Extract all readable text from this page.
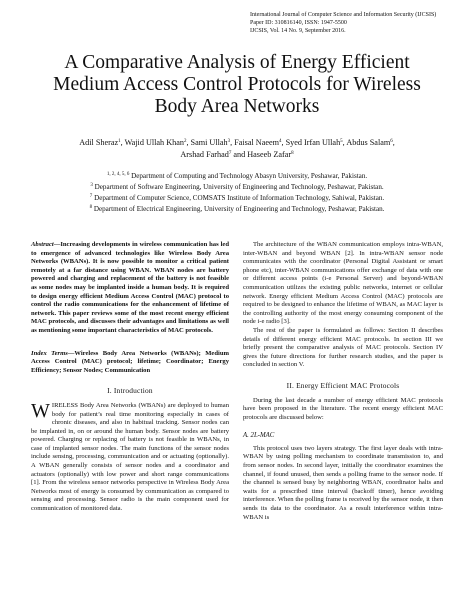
International Journal of Computer Science and Information Security (IJCSIS)
Paper ID: 310816140, ISSN: 1947-5500
IJCSIS, Vol. 14 No. 9, September 2016.
A Comparative Analysis of Energy Efficient Medium Access Control Protocols for Wireless Body Area Networks
Adil Sheraz$^1$, Wajid Ullah Khan$^2$, Sami Ullah$^3$, Faisal Naeem$^4$, Syed Irfan Ullah$^5$, Abdus Salam$^6$,
Arshad Farhad$^7$ and Haseeb Zafar$^8$
$^{1, 2, 4, 5, 6}$ Department of Computing and Technology Abasyn University, Peshawar, Pakistan.
$^3$ Department of Software Engineering, University of Engineering and Technology, Peshawar, Pakistan.
$^7$ Department of Computer Science, COMSATS Institute of Information Technology, Sahiwal, Pakistan.
$^8$ Department of Electrical Engineering, University of Engineering and Technology, Peshawar, Pakistan.

Abstract—Increasing developments in wireless communication has led to emergence of advanced technologies like Wireless Body Area Networks (WBANs). It is now possible to monitor a critical patient remotely at a far distance using WBAN. WBAN nodes are battery powered and charging and replacement of the battery is not feasible as some nodes may be implanted inside a human body. It is required to design energy efficient Medium Access Control (MAC) protocol to control the radio communications for the enhancement of lifetime of network. This paper reviews some of the most recent energy efficient MAC protocols, and discusses their advantages and limitations as well as mentioning some important characteristics of MAC protocols.

Index Terms—Wireless Body Area Networks (WBANs); Medium Access Control (MAC) protocol; lifetime; Coordinator; Energy Efficiency; Sensor Nodes; Communication

I. Introduction

WIRELESS Body Area Networks (WBANs) are deployed to human body for patient’s real time monitoring especially in cases of chronic diseases, and also in habitual tracking. Sensor nodes can be implanted in, on or around the human body. Sensor nodes are battery powered. Charging or replacing of battery is not feasible in WBANs, in case of implanted sensor nodes. The main functions of the sensor nodes include sensing, processing, communication and or actuating (optionally). A WBAN generally consists of sensor nodes and a coordinator and actuators (optionally) with low power and short range communications [1]. From the wireless sensor networks perspective in Wireless Body Area Networks most of energy is consumed by communication as compared to sensing and processing. Sensor radio is the main component used for communication of monitored data.

The architecture of the WBAN communication employs intra-WBAN, inter-WBAN and beyond WBAN [2]. In intra-WBAN sensor node communicates with the coordinator (Personal Digital Assistant or smart phone etc), inter-WBAN communications offer exchange of data with one or different access points (i-e Personal Server) and beyond-WBAN communication utilizes the existing public networks, internet or cellular network. Energy efficient Medium Access Control (MAC) protocols are required to be designed to enhance the lifetime of WBAN, as MAC layer is the controlling authority of the most energy consuming component of the node i-e radio [3].

The rest of the paper is formulated as follows: Section II describes details of different energy efficient MAC protocols. In section III we briefly present the comparative analysis of MAC protocols. Section IV gives the future directions for further research studies, and the paper is concluded in section V.

II. Energy Efficient MAC Protocols

During the last decade a number of energy efficient MAC protocols have been proposed in the literature. The recent energy efficient MAC protocols are discussed below:

A. 2L-MAC

This protocol uses two layers strategy. The first layer deals with intra-WBAN by using polling mechanism to coordinate transmission to, and from sensor nodes. In second layer, initially the coordinator examines the channel, if found unused, then sends a polling frame to the sensor node. If the channel is sensed busy by neighboring WBAN, coordinator halts and waits for a prescribed time interval (backoff timer), hence avoiding interference. When the polling frame is received by the sensor node, it then sends its data to the coordinator. As a result interference within intra-WBAN is
